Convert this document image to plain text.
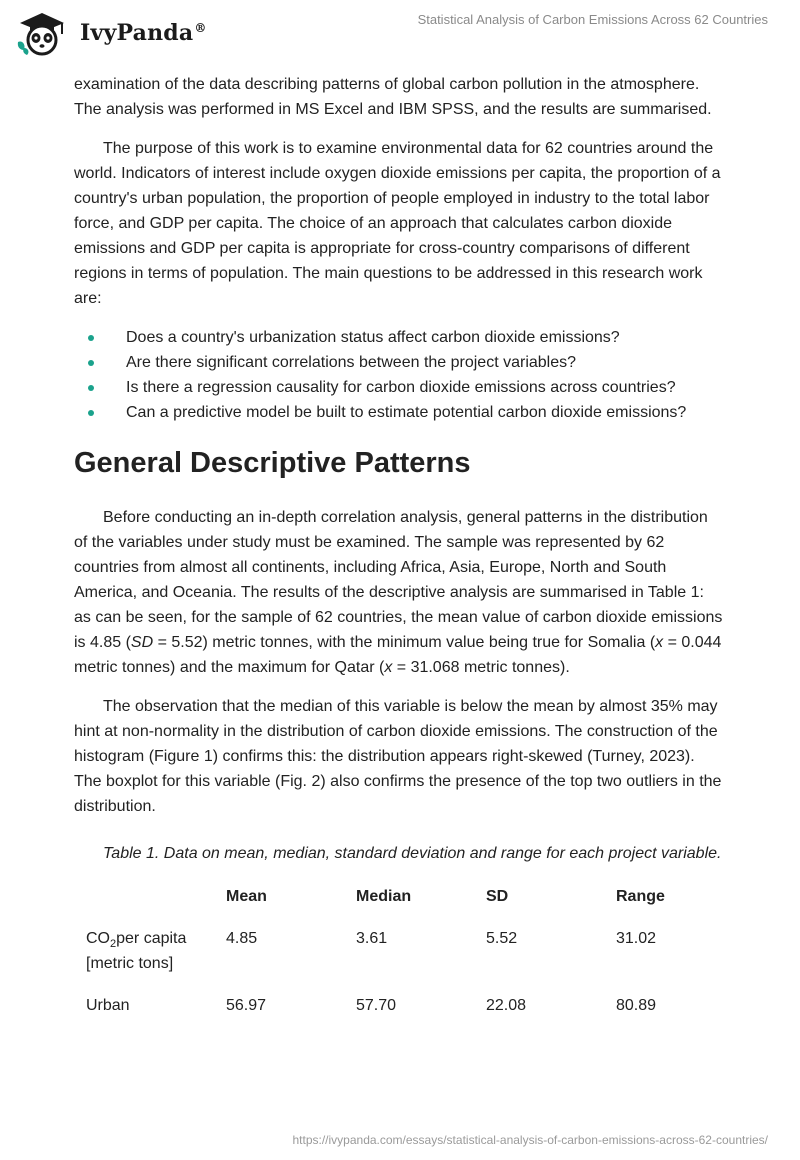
IvyPanda®
Statistical Analysis of Carbon Emissions Across 62 Countries

examination of the data describing patterns of global carbon pollution in the atmosphere. The analysis was performed in MS Excel and IBM SPSS, and the results are summarised.

The purpose of this work is to examine environmental data for 62 countries around the world. Indicators of interest include oxygen dioxide emissions per capita, the proportion of a country's urban population, the proportion of people employed in industry to the total labor force, and GDP per capita. The choice of an approach that calculates carbon dioxide emissions and GDP per capita is appropriate for cross-country comparisons of different regions in terms of population. The main questions to be addressed in this research work are:

Does a country's urbanization status affect carbon dioxide emissions?
Are there significant correlations between the project variables?
Is there a regression causality for carbon dioxide emissions across countries?
Can a predictive model be built to estimate potential carbon dioxide emissions?
General Descriptive Patterns

Before conducting an in-depth correlation analysis, general patterns in the distribution of the variables under study must be examined. The sample was represented by 62 countries from almost all continents, including Africa, Asia, Europe, North and South America, and Oceania. The results of the descriptive analysis are summarised in Table 1: as can be seen, for the sample of 62 countries, the mean value of carbon dioxide emissions is 4.85 (SD = 5.52) metric tonnes, with the minimum value being true for Somalia (x = 0.044 metric tonnes) and the maximum for Qatar (x = 31.068 metric tonnes).

The observation that the median of this variable is below the mean by almost 35% may hint at non-normality in the distribution of carbon dioxide emissions. The construction of the histogram (Figure 1) confirms this: the distribution appears right-skewed (Turney, 2023). The boxplot for this variable (Fig. 2) also confirms the presence of the top two outliers in the distribution.

Table 1. Data on mean, median, standard deviation and range for each project variable.

	Mean	Median	SD	Range
$CO_2per$ capita [metric tons]	4.85	3.61	5.52	31.02
Urban	56.97	57.70	22.08	80.89
https://ivypanda.com/essays/statistical-analysis-of-carbon-emissions-across-62-countries/
